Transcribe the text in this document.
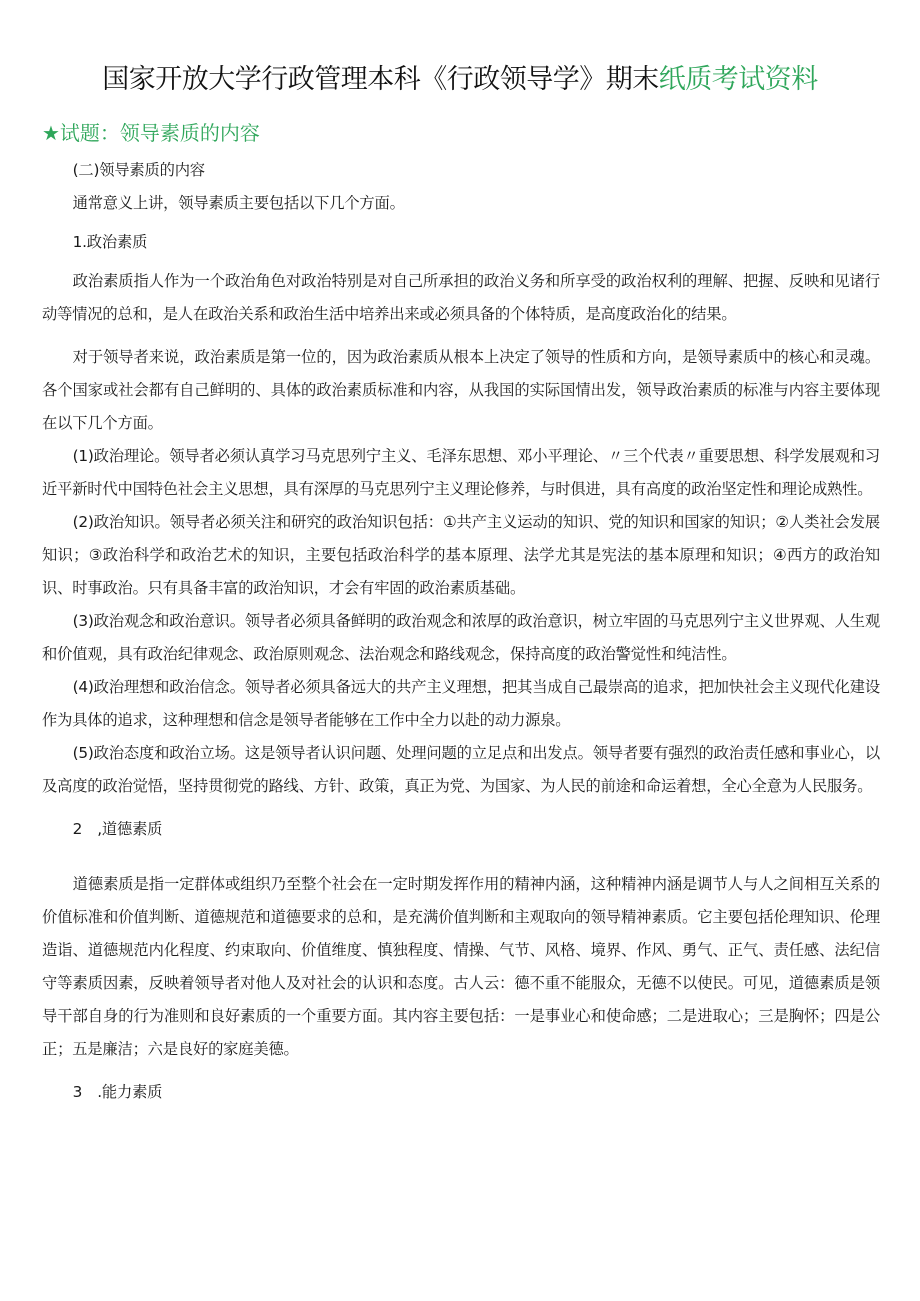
国家开放大学行政管理本科《行政领导学》期末纸质考试资料
★试题：领导素质的内容

(二)领导素质的内容

通常意义上讲，领导素质主要包括以下几个方面。

1.政治素质

政治素质指人作为一个政治角色对政治特别是对自己所承担的政治义务和所享受的政治权利的理解、把握、反映和见诸行动等情况的总和，是人在政治关系和政治生活中培养出来或必须具备的个体特质，是高度政治化的结果。

对于领导者来说，政治素质是第一位的，因为政治素质从根本上决定了领导的性质和方向，是领导素质中的核心和灵魂。各个国家或社会都有自己鲜明的、具体的政治素质标准和内容，从我国的实际国情出发，领导政治素质的标准与内容主要体现在以下几个方面。

(1)政治理论。领导者必须认真学习马克思列宁主义、毛泽东思想、邓小平理论、〃三个代表〃重要思想、科学发展观和习近平新时代中国特色社会主义思想，具有深厚的马克思列宁主义理论修养，与时俱进，具有高度的政治坚定性和理论成熟性。

(2)政治知识。领导者必须关注和研究的政治知识包括：①共产主义运动的知识、党的知识和国家的知识；②人类社会发展知识；③政治科学和政治艺术的知识，主要包括政治科学的基本原理、法学尤其是宪法的基本原理和知识；④西方的政治知识、时事政治。只有具备丰富的政治知识，才会有牢固的政治素质基础。

(3)政治观念和政治意识。领导者必须具备鲜明的政治观念和浓厚的政治意识，树立牢固的马克思列宁主义世界观、人生观和价值观，具有政治纪律观念、政治原则观念、法治观念和路线观念，保持高度的政治警觉性和纯洁性。

(4)政治理想和政治信念。领导者必须具备远大的共产主义理想，把其当成自己最崇高的追求，把加快社会主义现代化建设作为具体的追求，这种理想和信念是领导者能够在工作中全力以赴的动力源泉。

(5)政治态度和政治立场。这是领导者认识问题、处理问题的立足点和出发点。领导者要有强烈的政治责任感和事业心，以及高度的政治觉悟，坚持贯彻党的路线、方针、政策，真正为党、为国家、为人民的前途和命运着想，全心全意为人民服务。

2　,道德素质

道德素质是指一定群体或组织乃至整个社会在一定时期发挥作用的精神内涵，这种精神内涵是调节人与人之间相互关系的价值标准和价值判断、道德规范和道德要求的总和，是充满价值判断和主观取向的领导精神素质。它主要包括伦理知识、伦理造诣、道德规范内化程度、约束取向、价值维度、慎独程度、情操、气节、风格、境界、作风、勇气、正气、责任感、法纪信守等素质因素，反映着领导者对他人及对社会的认识和态度。古人云：德不重不能服众，无德不以使民。可见，道德素质是领导干部自身的行为准则和良好素质的一个重要方面。其内容主要包括：一是事业心和使命感；二是进取心；三是胸怀；四是公正；五是廉洁；六是良好的家庭美德。

3　.能力素质
